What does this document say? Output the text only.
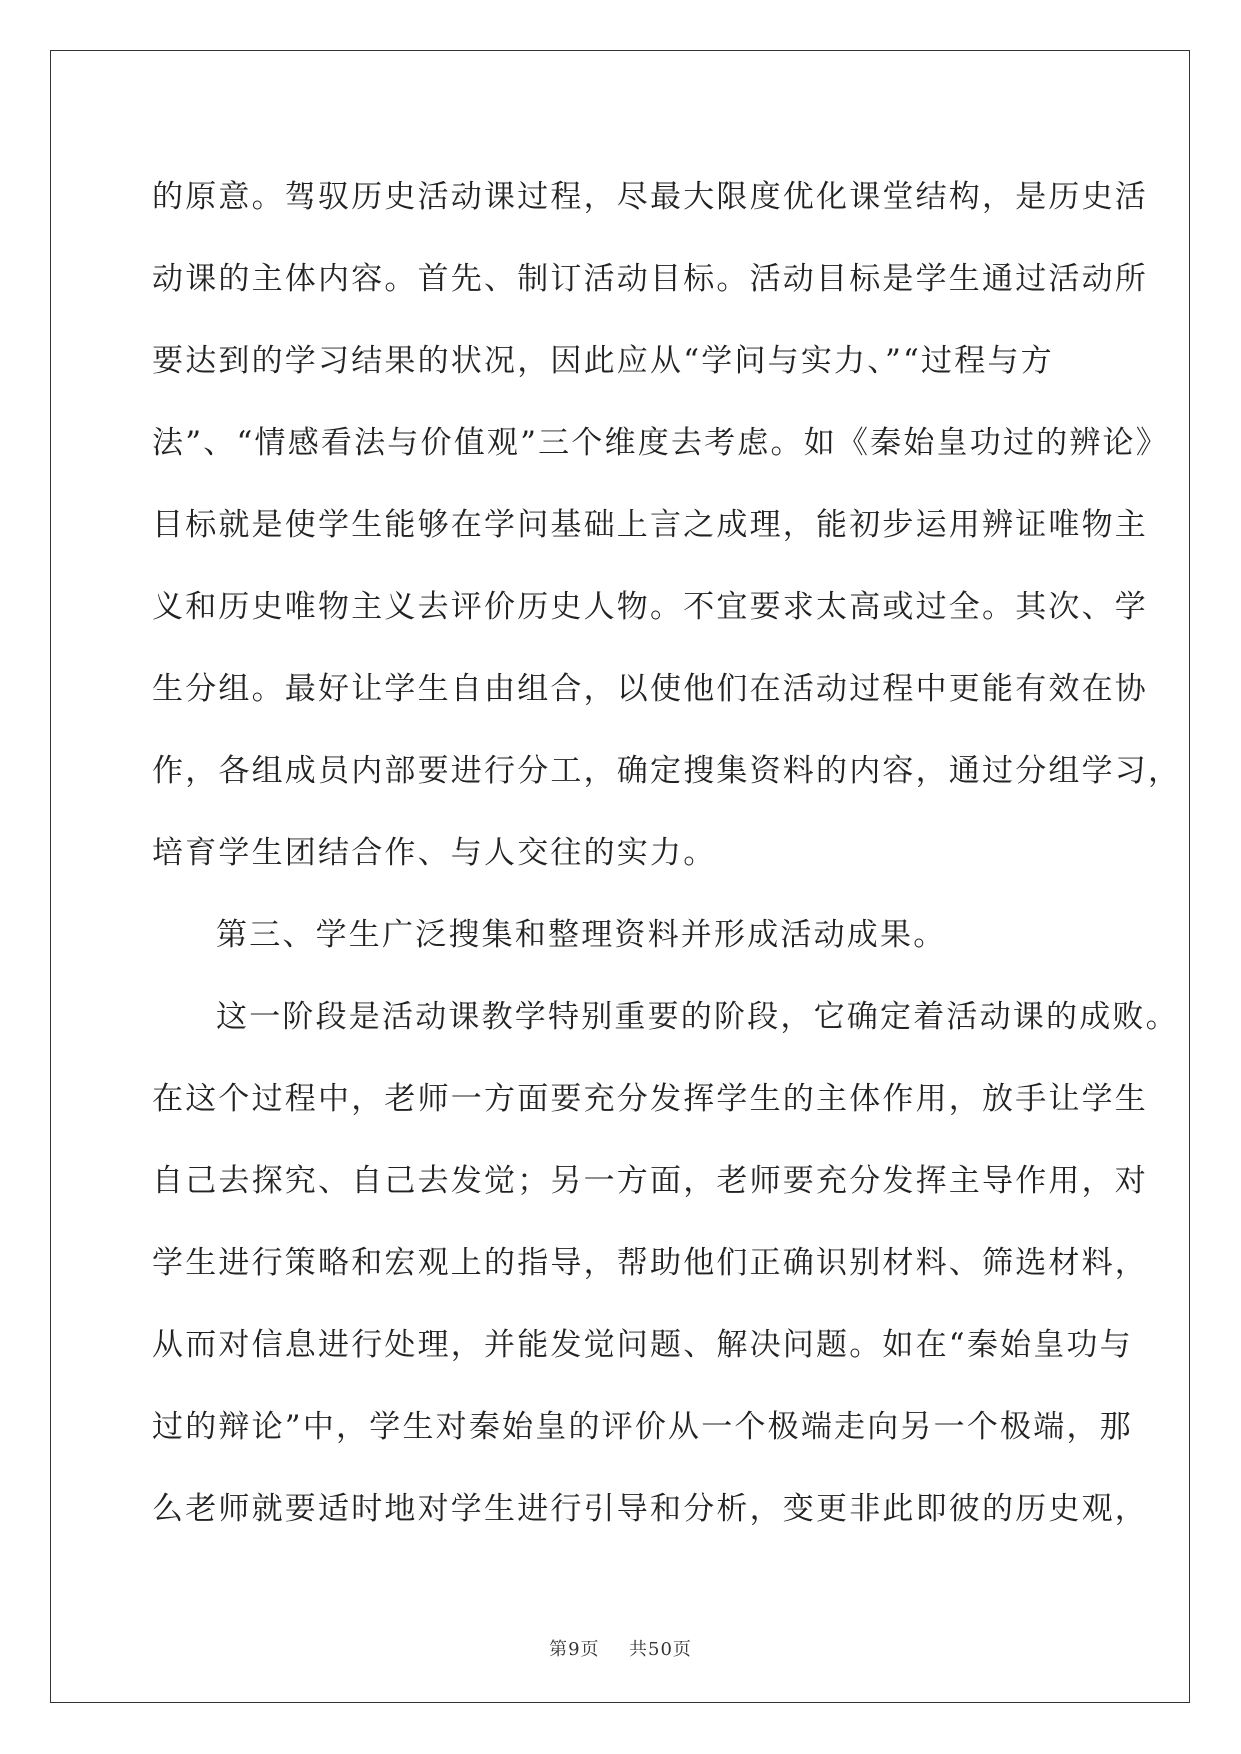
的原意。驾驭历史活动课过程，尽最大限度优化课堂结构，是历史活
动课的主体内容。首先、制订活动目标。活动目标是学生通过活动所
要达到的学习结果的状况，因此应从“学问与实力、”“过程与方
法”、“情感看法与价值观”三个维度去考虑。如《秦始皇功过的辨论》
目标就是使学生能够在学问基础上言之成理，能初步运用辨证唯物主
义和历史唯物主义去评价历史人物。不宜要求太高或过全。其次、学
生分组。最好让学生自由组合，以使他们在活动过程中更能有效在协
作，各组成员内部要进行分工，确定搜集资料的内容，通过分组学习，
培育学生团结合作、与人交往的实力。
第三、学生广泛搜集和整理资料并形成活动成果。
这一阶段是活动课教学特别重要的阶段，它确定着活动课的成败。
在这个过程中，老师一方面要充分发挥学生的主体作用，放手让学生
自己去探究、自己去发觉；另一方面，老师要充分发挥主导作用，对
学生进行策略和宏观上的指导，帮助他们正确识别材料、筛选材料，
从而对信息进行处理，并能发觉问题、解决问题。如在“秦始皇功与
过的辩论”中，学生对秦始皇的评价从一个极端走向另一个极端，那
么老师就要适时地对学生进行引导和分析，变更非此即彼的历史观，
第9页 共50页
